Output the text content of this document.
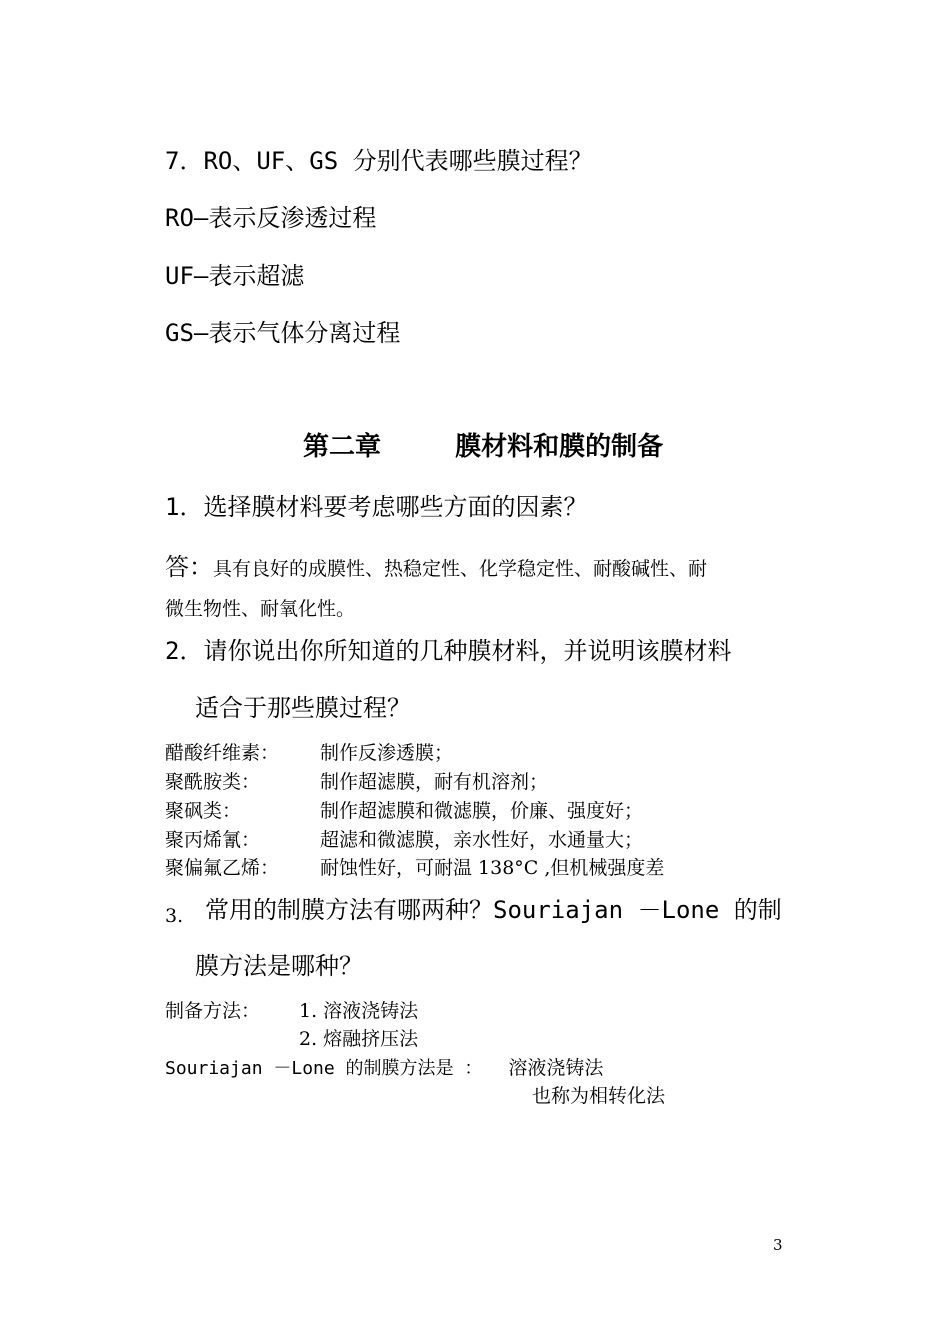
7．RO、UF、GS 分别代表哪些膜过程？
RO—表示反渗透过程
UF—表示超滤
GS—表示气体分离过程
第二章	膜材料和膜的制备
1．选择膜材料要考虑哪些方面的因素？
答：具有良好的成膜性、热稳定性、化学稳定性、耐酸碱性、耐
微生物性、耐氧化性。
2．请你说出你所知道的几种膜材料，并说明该膜材料
适合于那些膜过程？
醋酸纤维素： 制作反渗透膜；
聚酰胺类：	制作超滤膜，耐有机溶剂；
聚砜类：	制作超滤膜和微滤膜，价廉、强度好；
聚丙烯氰：	超滤和微滤膜，亲水性好，水通量大；
聚偏氟乙烯： 耐蚀性好，可耐温 138°C ,但机械强度差
3. 常用的制膜方法有哪两种？Souriajan －Lone 的制
膜方法是哪种？
制备方法： 1. 溶液浇铸法
2. 熔融挤压法
Souriajan －Lone 的制膜方法是 ： 溶液浇铸法
也称为相转化法
3
